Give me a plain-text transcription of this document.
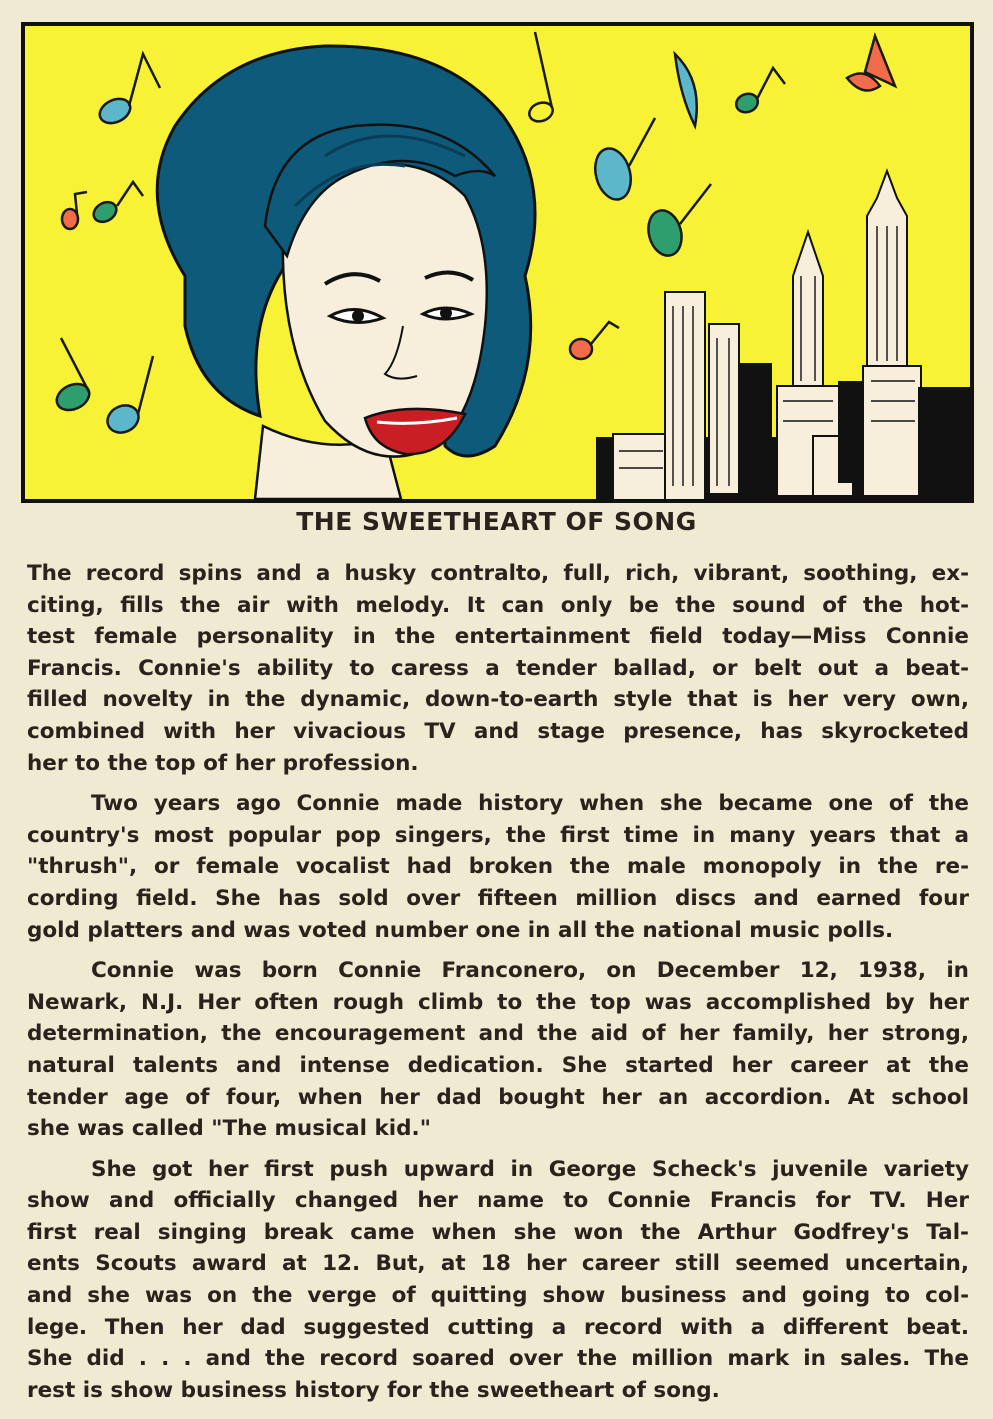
THE SWEETHEART OF SONG

The record spins and a husky contralto, full, rich, vibrant, soothing, ex-
citing, fills the air with melody. It can only be the sound of the hot-
test female personality in the entertainment field today—Miss Connie
Francis. Connie's ability to caress a tender ballad, or belt out a beat-
filled novelty in the dynamic, down-to-earth style that is her very own,
combined with her vivacious TV and stage presence, has skyrocketed
her to the top of her profession.

Two years ago Connie made history when she became one of the
country's most popular pop singers, the first time in many years that a
"thrush", or female vocalist had broken the male monopoly in the re-
cording field. She has sold over fifteen million discs and earned four
gold platters and was voted number one in all the national music polls.

Connie was born Connie Franconero, on December 12, 1938, in
Newark, N.J. Her often rough climb to the top was accomplished by her
determination, the encouragement and the aid of her family, her strong,
natural talents and intense dedication. She started her career at the
tender age of four, when her dad bought her an accordion. At school
she was called "The musical kid."

She got her first push upward in George Scheck's juvenile variety
show and officially changed her name to Connie Francis for TV. Her
first real singing break came when she won the Arthur Godfrey's Tal-
ents Scouts award at 12. But, at 18 her career still seemed uncertain,
and she was on the verge of quitting show business and going to col-
lege. Then her dad suggested cutting a record with a different beat.
She did . . . and the record soared over the million mark in sales. The
rest is show business history for the sweetheart of song.
